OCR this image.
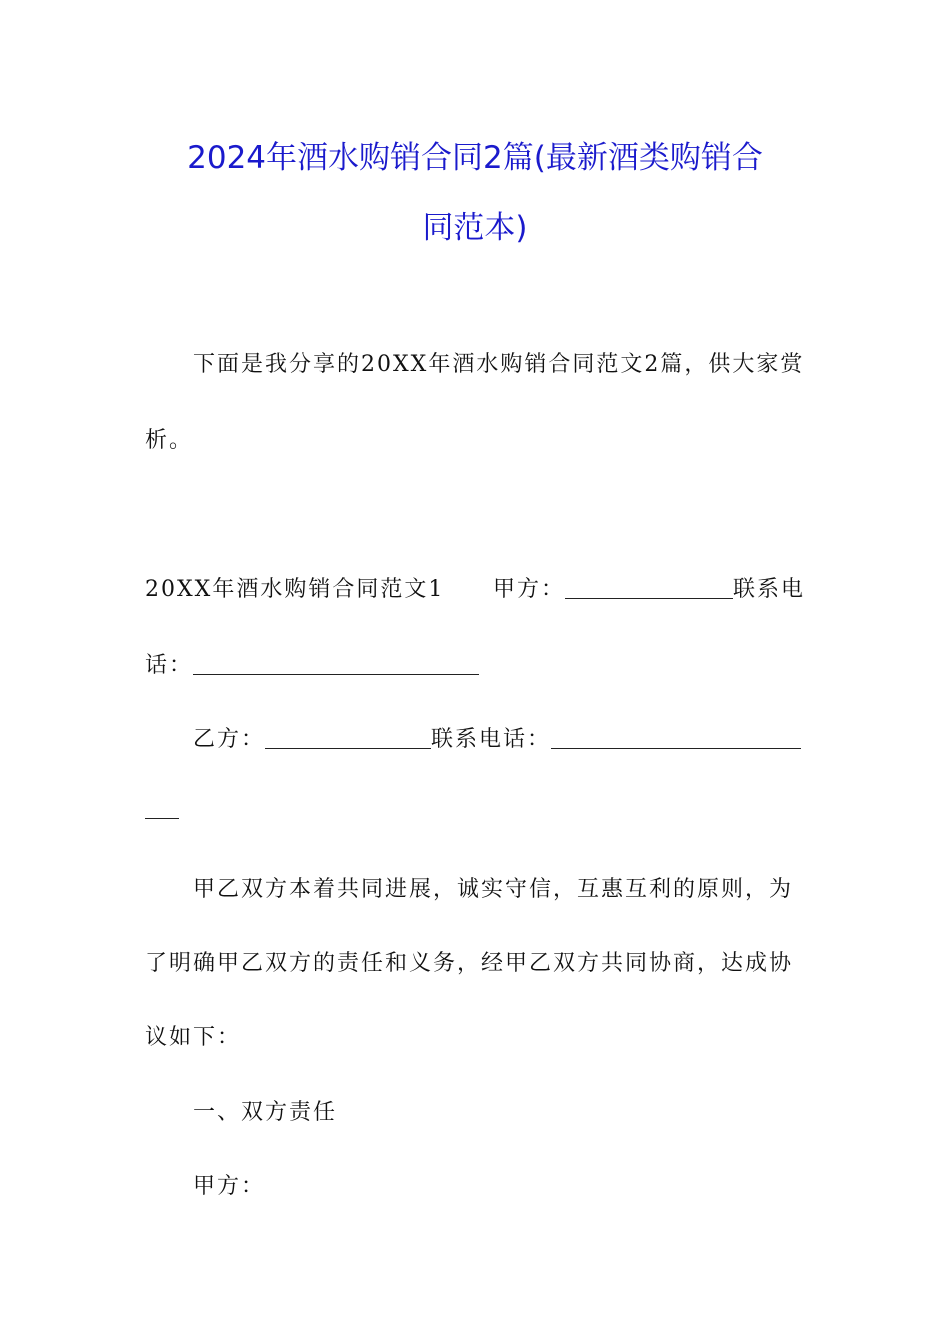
2024年酒水购销合同2篇(最新酒类购销合
同范本)
下面是我分享的20XX年酒水购销合同范文2篇，供大家赏
析。
20XX年酒水购销合同范文1 甲方：	联系电
话：
乙方：	联系电话：
甲乙双方本着共同进展，诚实守信，互惠互利的原则，为
了明确甲乙双方的责任和义务，经甲乙双方共同协商，达成协
议如下：
一、双方责任
甲方：
